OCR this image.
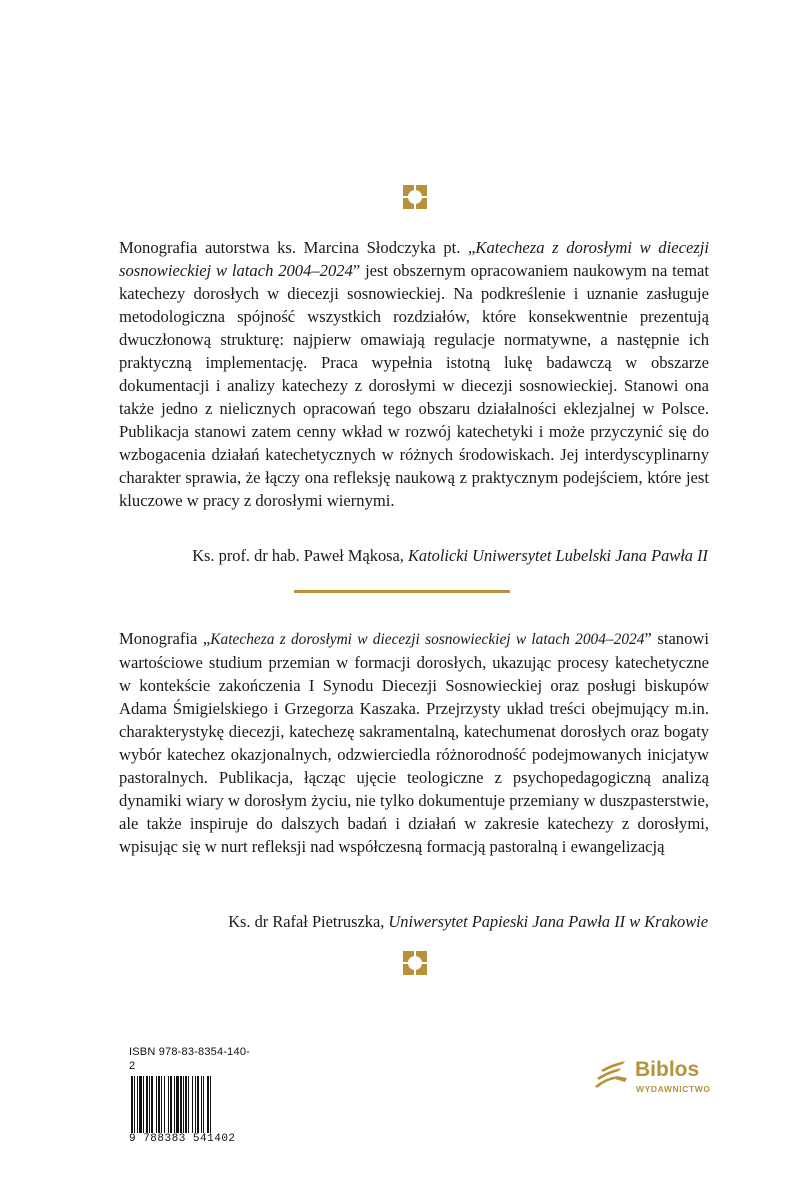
Monografia autorstwa ks. Marcina Słodczyka pt. „Katecheza z dorosłymi w diecezji sosnowieckiej w latach 2004–2024” jest obszernym opracowaniem naukowym na temat katechezy dorosłych w diecezji sosnowieckiej. Na podkreślenie i uznanie zasługuje metodologiczna spójność wszystkich rozdziałów, które konsekwentnie prezentują dwuczłonową strukturę: najpierw omawiają regulacje normatywne, a następnie ich praktyczną implementację. Praca wypełnia istotną lukę badawczą w obszarze dokumentacji i analizy katechezy z dorosłymi w diecezji sosnowieckiej. Stanowi ona także jedno z nielicznych opracowań tego obszaru działalności eklezjalnej w Polsce. Publikacja stanowi zatem cenny wkład w rozwój katechetyki i może przyczynić się do wzbogacenia działań katechetycznych w różnych środowiskach. Jej interdyscyplinarny charakter sprawia, że łączy ona refleksję naukową z praktycznym podejściem, które jest kluczowe w pracy z dorosłymi wiernymi.

Ks. prof. dr hab. Paweł Mąkosa, Katolicki Uniwersytet Lubelski Jana Pawła II

Monografia „Katecheza z dorosłymi w diecezji sosnowieckiej w latach 2004–2024” stanowi wartościowe studium przemian w formacji dorosłych, ukazując procesy katechetyczne w kontekście zakończenia I Synodu Diecezji Sosnowieckiej oraz posługi biskupów Adama Śmigielskiego i Grzegorza Kaszaka. Przejrzysty układ treści obejmujący m.in. charakterystykę diecezji, katechezę sakramentalną, katechumenat dorosłych oraz bogaty wybór katechez okazjonalnych, odzwierciedla różnorodność podejmowanych inicjatyw pastoralnych. Publikacja, łącząc ujęcie teologiczne z psychopedagogiczną analizą dynamiki wiary w dorosłym życiu, nie tylko dokumentuje przemiany w duszpasterstwie, ale także inspiruje do dalszych badań i działań w zakresie katechezy z dorosłymi, wpisując się w nurt refleksji nad współczesną formacją pastoralną i ewangelizacją

Ks. dr Rafał Pietruszka, Uniwersytet Papieski Jana Pawła II w Krakowie
ISBN 978-83-8354-140-2
9 788383 541402
Biblos
WYDAWNICTWO
